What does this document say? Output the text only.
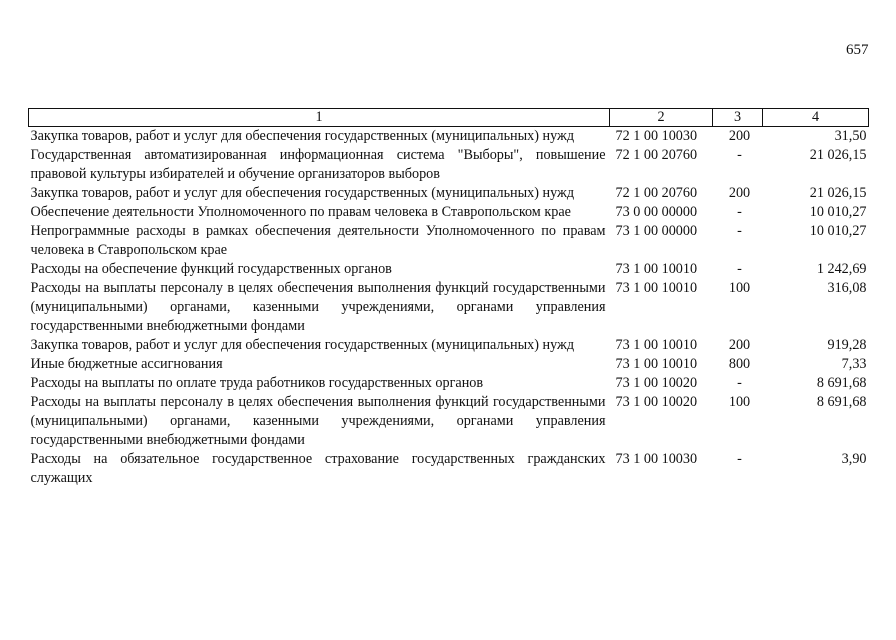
657
1	2	3	4
Закупка товаров, работ и услуг для обеспечения государственных (муниципальных) нужд	72 1 00 10030	200	31,50
Государственная автоматизированная информационная система "Выборы", повышение правовой культуры избирателей и обучение организаторов выборов	72 1 00 20760	-	21 026,15
Закупка товаров, работ и услуг для обеспечения государственных (муниципальных) нужд	72 1 00 20760	200	21 026,15
Обеспечение деятельности Уполномоченного по правам человека в Ставропольском крае	73 0 00 00000	-	10 010,27
Непрограммные расходы в рамках обеспечения деятельности Уполномоченного по правам человека в Ставропольском крае	73 1 00 00000	-	10 010,27
Расходы на обеспечение функций государственных органов	73 1 00 10010	-	1 242,69
Расходы на выплаты персоналу в целях обеспечения выполнения функций государственными (муниципальными) органами, казенными учреждениями, органами управления государственными внебюджетными фондами	73 1 00 10010	100	316,08
Закупка товаров, работ и услуг для обеспечения государственных (муниципальных) нужд	73 1 00 10010	200	919,28
Иные бюджетные ассигнования	73 1 00 10010	800	7,33
Расходы на выплаты по оплате труда работников государственных органов	73 1 00 10020	-	8 691,68
Расходы на выплаты персоналу в целях обеспечения выполнения функций государственными (муниципальными) органами, казенными учреждениями, органами управления государственными внебюджетными фондами	73 1 00 10020	100	8 691,68
Расходы на обязательное государственное страхование государственных гражданских служащих	73 1 00 10030	-	3,90
